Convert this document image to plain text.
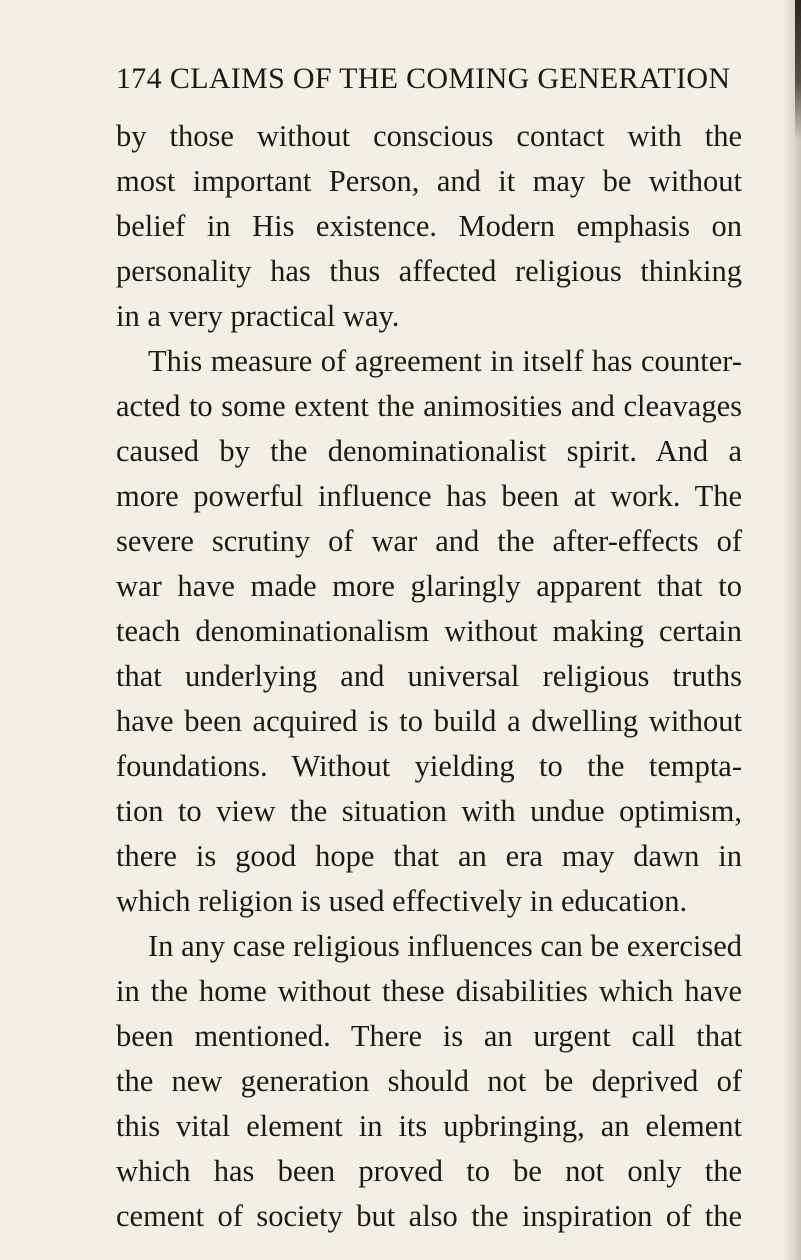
174 CLAIMS OF THE COMING GENERATION
by those without conscious contact with the
most important Person, and it may be without
belief in His existence. Modern emphasis on
personality has thus affected religious thinking
in a very practical way.
This measure of agreement in itself has counter-
acted to some extent the animosities and cleavages
caused by the denominationalist spirit. And a
more powerful influence has been at work. The
severe scrutiny of war and the after-effects of
war have made more glaringly apparent that to
teach denominationalism without making certain
that underlying and universal religious truths
have been acquired is to build a dwelling without
foundations. Without yielding to the tempta-
tion to view the situation with undue optimism,
there is good hope that an era may dawn in
which religion is used effectively in education.
In any case religious influences can be exercised
in the home without these disabilities which have
been mentioned. There is an urgent call that
the new generation should not be deprived of
this vital element in its upbringing, an element
which has been proved to be not only the
cement of society but also the inspiration of the
